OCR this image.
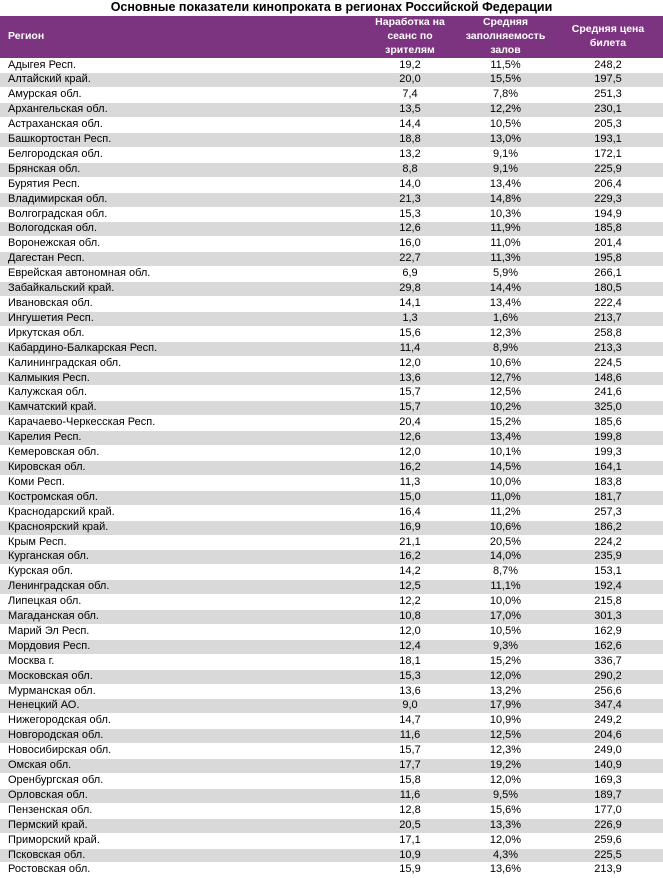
Основные показатели кинопроката в регионах Российской Федерации
Регион	Наработка на сеанс по зрителям	Средняя заполняемость залов	Средняя цена билета
Адыгея Респ.	19,2	11,5%	248,2
Алтайский край.	20,0	15,5%	197,5
Амурская обл.	7,4	7,8%	251,3
Архангельская обл.	13,5	12,2%	230,1
Астраханская обл.	14,4	10,5%	205,3
Башкортостан Респ.	18,8	13,0%	193,1
Белгородская обл.	13,2	9,1%	172,1
Брянская обл.	8,8	9,1%	225,9
Бурятия Респ.	14,0	13,4%	206,4
Владимирская обл.	21,3	14,8%	229,3
Волгоградская обл.	15,3	10,3%	194,9
Вологодская обл.	12,6	11,9%	185,8
Воронежская обл.	16,0	11,0%	201,4
Дагестан Респ.	22,7	11,3%	195,8
Еврейская автономная обл.	6,9	5,9%	266,1
Забайкальский край.	29,8	14,4%	180,5
Ивановская обл.	14,1	13,4%	222,4
Ингушетия Респ.	1,3	1,6%	213,7
Иркутская обл.	15,6	12,3%	258,8
Кабардино-Балкарская Респ.	11,4	8,9%	213,3
Калининградская обл.	12,0	10,6%	224,5
Калмыкия Респ.	13,6	12,7%	148,6
Калужская обл.	15,7	12,5%	241,6
Камчатский край.	15,7	10,2%	325,0
Карачаево-Черкесская Респ.	20,4	15,2%	185,6
Карелия Респ.	12,6	13,4%	199,8
Кемеровская обл.	12,0	10,1%	199,3
Кировская обл.	16,2	14,5%	164,1
Коми Респ.	11,3	10,0%	183,8
Костромская обл.	15,0	11,0%	181,7
Краснодарский край.	16,4	11,2%	257,3
Красноярский край.	16,9	10,6%	186,2
Крым Респ.	21,1	20,5%	224,2
Курганская обл.	16,2	14,0%	235,9
Курская обл.	14,2	8,7%	153,1
Ленинградская обл.	12,5	11,1%	192,4
Липецкая обл.	12,2	10,0%	215,8
Магаданская обл.	10,8	17,0%	301,3
Марий Эл Респ.	12,0	10,5%	162,9
Мордовия Респ.	12,4	9,3%	162,6
Москва г.	18,1	15,2%	336,7
Московская обл.	15,3	12,0%	290,2
Мурманская обл.	13,6	13,2%	256,6
Ненецкий АО.	9,0	17,9%	347,4
Нижегородская обл.	14,7	10,9%	249,2
Новгородская обл.	11,6	12,5%	204,6
Новосибирская обл.	15,7	12,3%	249,0
Омская обл.	17,7	19,2%	140,9
Оренбургская обл.	15,8	12,0%	169,3
Орловская обл.	11,6	9,5%	189,7
Пензенская обл.	12,8	15,6%	177,0
Пермский край.	20,5	13,3%	226,9
Приморский край.	17,1	12,0%	259,6
Псковская обл.	10,9	4,3%	225,5
Ростовская обл.	15,9	13,6%	213,9
